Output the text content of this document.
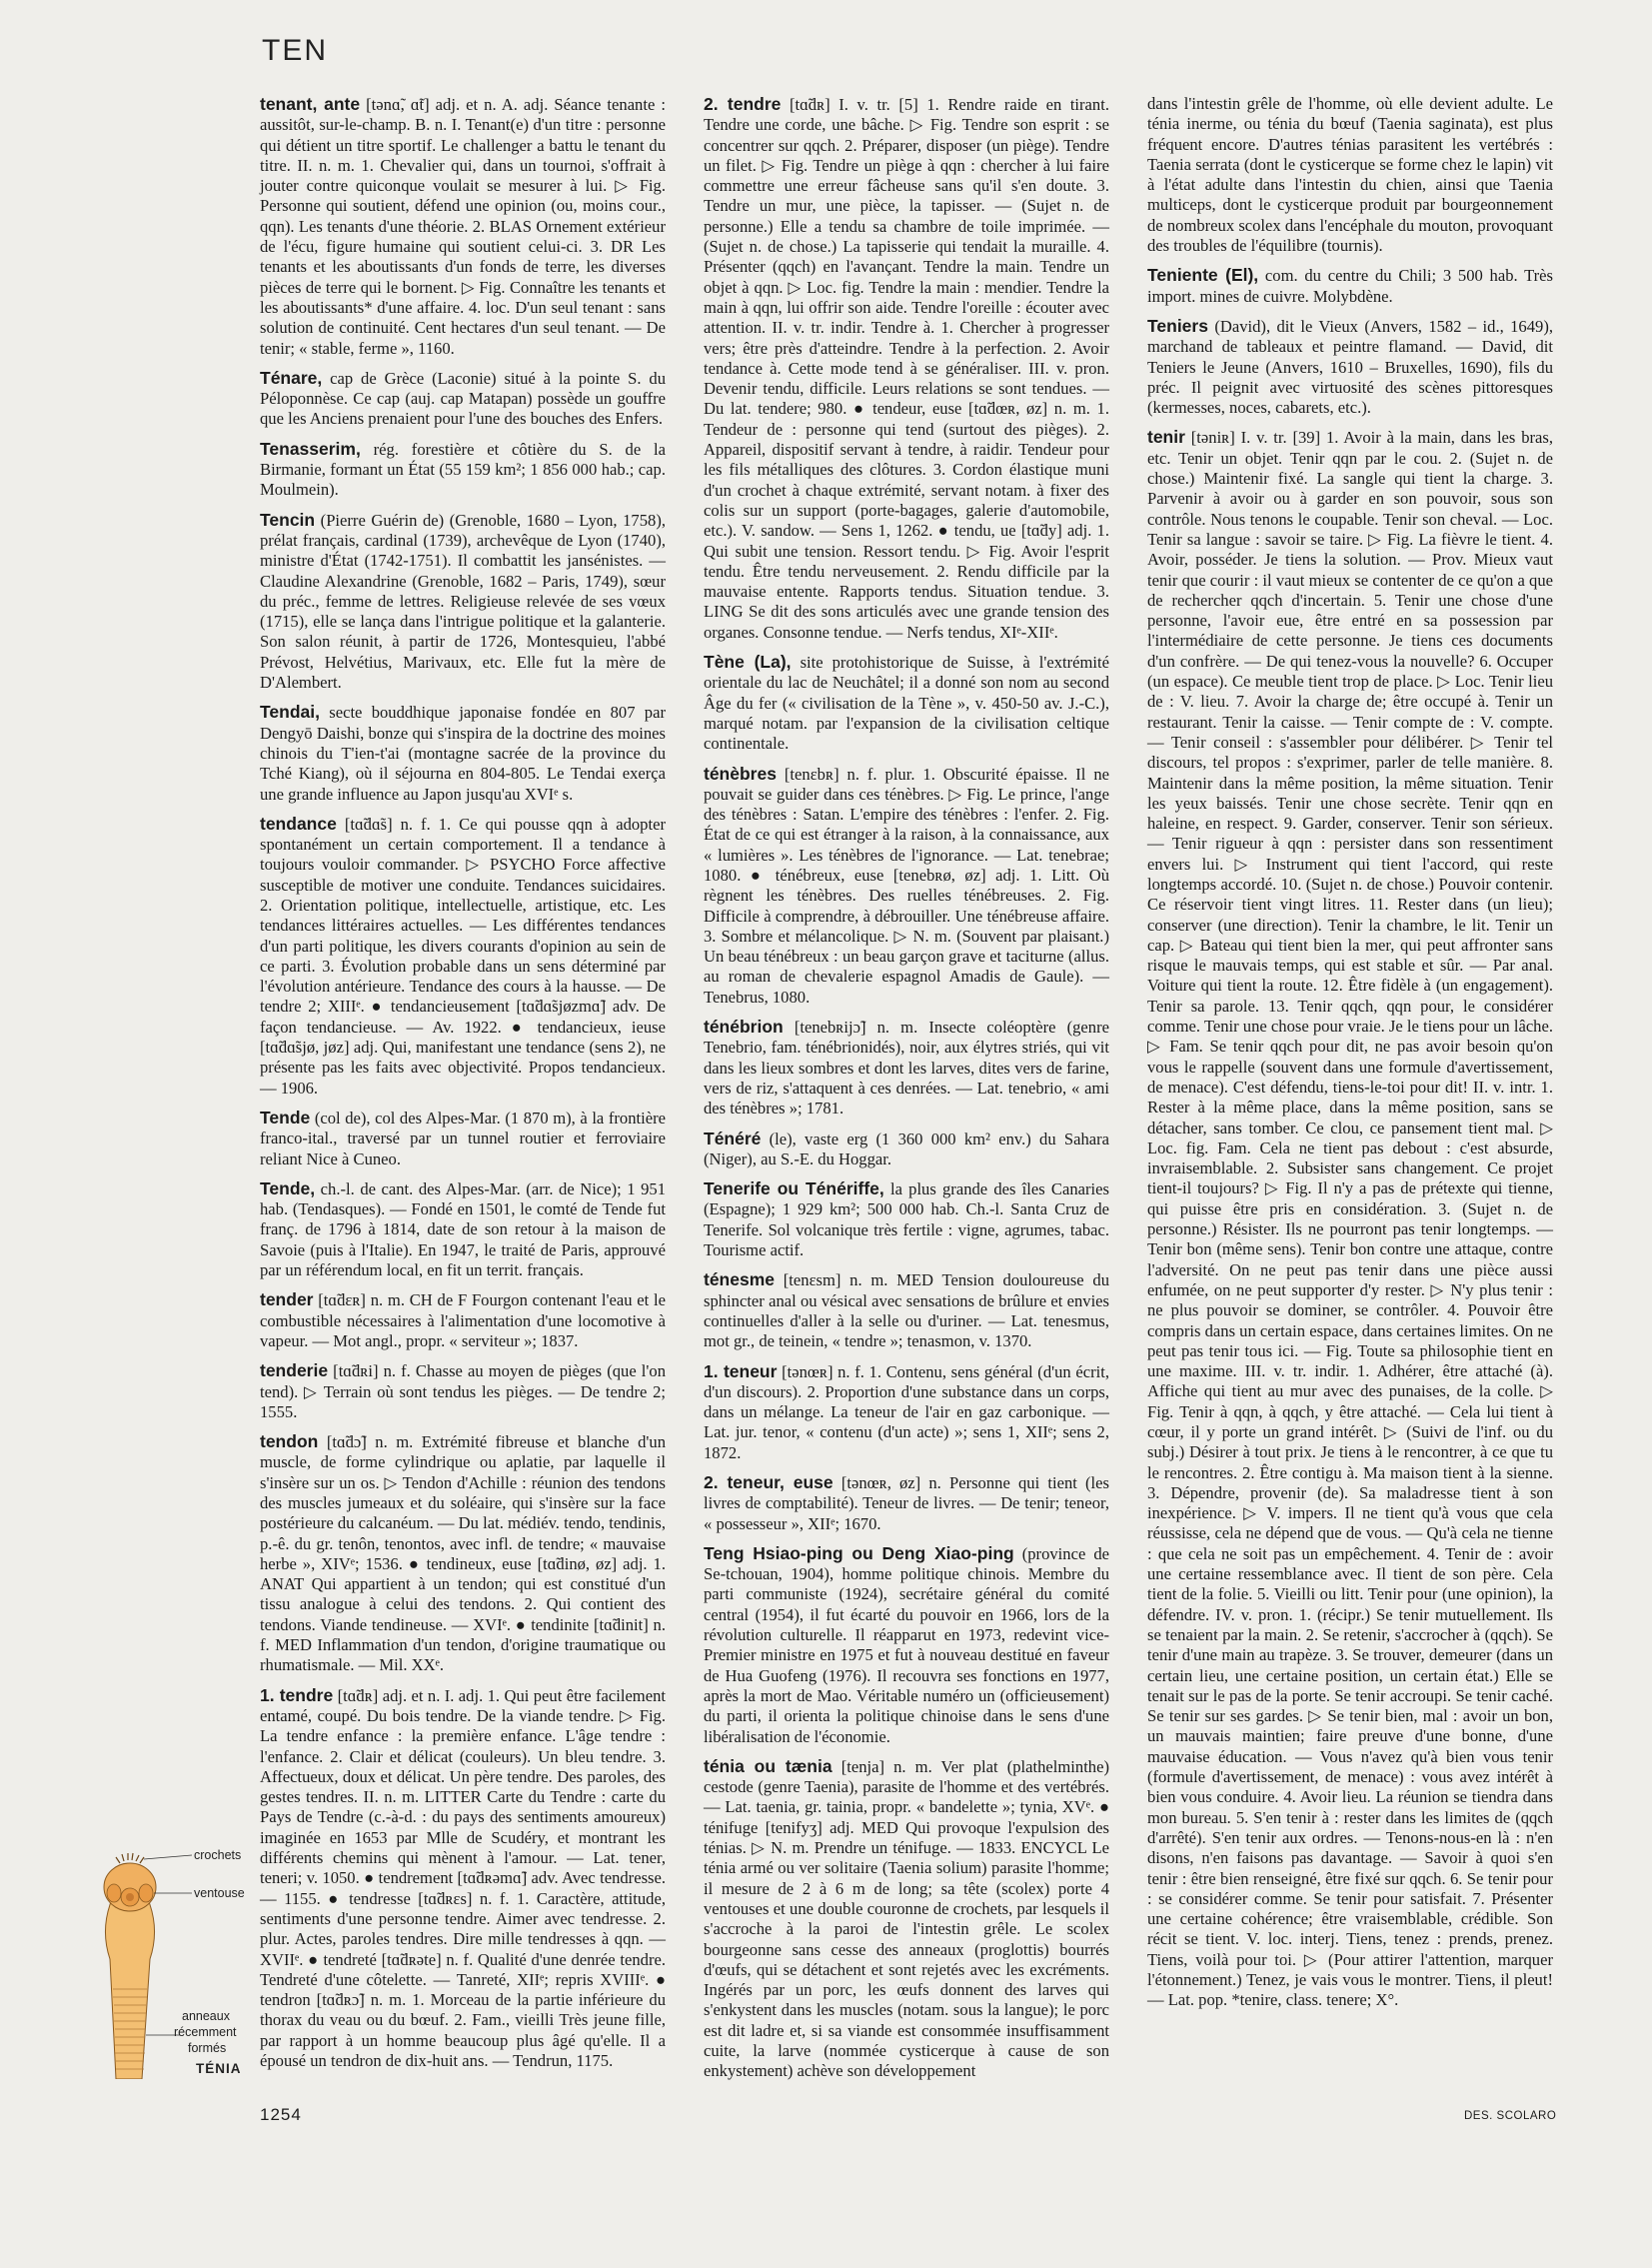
TEN

tenant, ante [tənɑ̃, ɑ̃t] adj. et n. A. adj. Séance tenante : aussitôt, sur-le-champ. B. n. I. Tenant(e) d'un titre : personne qui détient un titre sportif. Le challenger a battu le tenant du titre. II. n. m. 1. Chevalier qui, dans un tournoi, s'offrait à jouter contre quiconque voulait se mesurer à lui. ▷ Fig. Personne qui soutient, défend une opinion (ou, moins cour., qqn). Les tenants d'une théorie. 2. BLAS Ornement extérieur de l'écu, figure humaine qui soutient celui-ci. 3. DR Les tenants et les aboutissants d'un fonds de terre, les diverses pièces de terre qui le bornent. ▷ Fig. Connaître les tenants et les aboutissants* d'une affaire. 4. loc. D'un seul tenant : sans solution de continuité. Cent hectares d'un seul tenant. — De tenir; « stable, ferme », 1160.

Ténare, cap de Grèce (Laconie) situé à la pointe S. du Péloponnèse. Ce cap (auj. cap Matapan) possède un gouffre que les Anciens prenaient pour l'une des bouches des Enfers.

Tenasserim, rég. forestière et côtière du S. de la Birmanie, formant un État (55 159 km²; 1 856 000 hab.; cap. Moulmein).

Tencin (Pierre Guérin de) (Grenoble, 1680 – Lyon, 1758), prélat français, cardinal (1739), archevêque de Lyon (1740), ministre d'État (1742-1751). Il combattit les jansénistes. — Claudine Alexandrine (Grenoble, 1682 – Paris, 1749), sœur du préc., femme de lettres. Religieuse relevée de ses vœux (1715), elle se lança dans l'intrigue politique et la galanterie. Son salon réunit, à partir de 1726, Montesquieu, l'abbé Prévost, Helvétius, Marivaux, etc. Elle fut la mère de D'Alembert.

Tendai, secte bouddhique japonaise fondée en 807 par Dengyō Daishi, bonze qui s'inspira de la doctrine des moines chinois du T'ien-t'ai (montagne sacrée de la province du Tché Kiang), où il séjourna en 804-805. Le Tendai exerça une grande influence au Japon jusqu'au XVIᵉ s.

tendance [tɑ̃dɑ̃s] n. f. 1. Ce qui pousse qqn à adopter spontanément un certain comportement. Il a tendance à toujours vouloir commander. ▷ PSYCHO Force affective susceptible de motiver une conduite. Tendances suicidaires. 2. Orientation politique, intellectuelle, artistique, etc. Les tendances littéraires actuelles. — Les différentes tendances d'un parti politique, les divers courants d'opinion au sein de ce parti. 3. Évolution probable dans un sens déterminé par l'évolution antérieure. Tendance des cours à la hausse. — De tendre 2; XIIIᵉ. ● tendancieusement [tɑ̃dɑ̃sjøzmɑ̃] adv. De façon tendancieuse. — Av. 1922. ● tendancieux, ieuse [tɑ̃dɑ̃sjø, jøz] adj. Qui, manifestant une tendance (sens 2), ne présente pas les faits avec objectivité. Propos tendancieux. — 1906.

Tende (col de), col des Alpes-Mar. (1 870 m), à la frontière franco-ital., traversé par un tunnel routier et ferroviaire reliant Nice à Cuneo.

Tende, ch.-l. de cant. des Alpes-Mar. (arr. de Nice); 1 951 hab. (Tendasques). — Fondé en 1501, le comté de Tende fut franç. de 1796 à 1814, date de son retour à la maison de Savoie (puis à l'Italie). En 1947, le traité de Paris, approuvé par un référendum local, en fit un territ. français.

tender [tɑ̃dɛʀ] n. m. CH de F Fourgon contenant l'eau et le combustible nécessaires à l'alimentation d'une locomotive à vapeur. — Mot angl., propr. « serviteur »; 1837.

tenderie [tɑ̃dʀi] n. f. Chasse au moyen de pièges (que l'on tend). ▷ Terrain où sont tendus les pièges. — De tendre 2; 1555.

tendon [tɑ̃dɔ̃] n. m. Extrémité fibreuse et blanche d'un muscle, de forme cylindrique ou aplatie, par laquelle il s'insère sur un os. ▷ Tendon d'Achille : réunion des tendons des muscles jumeaux et du soléaire, qui s'insère sur la face postérieure du calcanéum. — Du lat. médiév. tendo, tendinis, p.-ê. du gr. tenôn, tenontos, avec infl. de tendre; « mauvaise herbe », XIVᵉ; 1536. ● tendineux, euse [tɑ̃dinø, øz] adj. 1. ANAT Qui appartient à un tendon; qui est constitué d'un tissu analogue à celui des tendons. 2. Qui contient des tendons. Viande tendineuse. — XVIᵉ. ● tendinite [tɑ̃dinit] n. f. MED Inflammation d'un tendon, d'origine traumatique ou rhumatismale. — Mil. XXᵉ.

1. tendre [tɑ̃dʀ] adj. et n. I. adj. 1. Qui peut être facilement entamé, coupé. Du bois tendre. De la viande tendre. ▷ Fig. La tendre enfance : la première enfance. L'âge tendre : l'enfance. 2. Clair et délicat (couleurs). Un bleu tendre. 3. Affectueux, doux et délicat. Un père tendre. Des paroles, des gestes tendres. II. n. m. LITTER Carte du Tendre : carte du Pays de Tendre (c.-à-d. : du pays des sentiments amoureux) imaginée en 1653 par Mlle de Scudéry, et montrant les différents chemins qui mènent à l'amour. — Lat. tener, teneri; v. 1050. ● tendrement [tɑ̃dʀəmɑ̃] adv. Avec tendresse. — 1155. ● tendresse [tɑ̃dʀɛs] n. f. 1. Caractère, attitude, sentiments d'une personne tendre. Aimer avec tendresse. 2. plur. Actes, paroles tendres. Dire mille tendresses à qqn. — XVIIᵉ. ● tendreté [tɑ̃dʀəte] n. f. Qualité d'une denrée tendre. Tendreté d'une côtelette. — Tanreté, XIIᵉ; repris XVIIIᵉ. ● tendron [tɑ̃dʀɔ̃] n. m. 1. Morceau de la partie inférieure du thorax du veau ou du bœuf. 2. Fam., vieilli Très jeune fille, par rapport à un homme beaucoup plus âgé qu'elle. Il a épousé un tendron de dix-huit ans. — Tendrun, 1175.

2. tendre [tɑ̃dʀ] I. v. tr. [5] 1. Rendre raide en tirant. Tendre une corde, une bâche. ▷ Fig. Tendre son esprit : se concentrer sur qqch. 2. Préparer, disposer (un piège). Tendre un filet. ▷ Fig. Tendre un piège à qqn : chercher à lui faire commettre une erreur fâcheuse sans qu'il s'en doute. 3. Tendre un mur, une pièce, la tapisser. — (Sujet n. de personne.) Elle a tendu sa chambre de toile imprimée. — (Sujet n. de chose.) La tapisserie qui tendait la muraille. 4. Présenter (qqch) en l'avançant. Tendre la main. Tendre un objet à qqn. ▷ Loc. fig. Tendre la main : mendier. Tendre la main à qqn, lui offrir son aide. Tendre l'oreille : écouter avec attention. II. v. tr. indir. Tendre à. 1. Chercher à progresser vers; être près d'atteindre. Tendre à la perfection. 2. Avoir tendance à. Cette mode tend à se généraliser. III. v. pron. Devenir tendu, difficile. Leurs relations se sont tendues. — Du lat. tendere; 980. ● tendeur, euse [tɑ̃dœʀ, øz] n. m. 1. Tendeur de : personne qui tend (surtout des pièges). 2. Appareil, dispositif servant à tendre, à raidir. Tendeur pour les fils métalliques des clôtures. 3. Cordon élastique muni d'un crochet à chaque extrémité, servant notam. à fixer des colis sur un support (porte-bagages, galerie d'automobile, etc.). V. sandow. — Sens 1, 1262. ● tendu, ue [tɑ̃dy] adj. 1. Qui subit une tension. Ressort tendu. ▷ Fig. Avoir l'esprit tendu. Être tendu nerveusement. 2. Rendu difficile par la mauvaise entente. Rapports tendus. Situation tendue. 3. LING Se dit des sons articulés avec une grande tension des organes. Consonne tendue. — Nerfs tendus, XIᵉ-XIIᵉ.

Tène (La), site protohistorique de Suisse, à l'extrémité orientale du lac de Neuchâtel; il a donné son nom au second Âge du fer (« civilisation de la Tène », v. 450-50 av. J.-C.), marqué notam. par l'expansion de la civilisation celtique continentale.

ténèbres [tenɛbʀ] n. f. plur. 1. Obscurité épaisse. Il ne pouvait se guider dans ces ténèbres. ▷ Fig. Le prince, l'ange des ténèbres : Satan. L'empire des ténèbres : l'enfer. 2. Fig. État de ce qui est étranger à la raison, à la connaissance, aux « lumières ». Les ténèbres de l'ignorance. — Lat. tenebrae; 1080. ● ténébreux, euse [tenebʀø, øz] adj. 1. Litt. Où règnent les ténèbres. Des ruelles ténébreuses. 2. Fig. Difficile à comprendre, à débrouiller. Une ténébreuse affaire. 3. Sombre et mélancolique. ▷ N. m. (Souvent par plaisant.) Un beau ténébreux : un beau garçon grave et taciturne (allus. au roman de chevalerie espagnol Amadis de Gaule). — Tenebrus, 1080.

ténébrion [tenebʀijɔ̃] n. m. Insecte coléoptère (genre Tenebrio, fam. ténébrionidés), noir, aux élytres striés, qui vit dans les lieux sombres et dont les larves, dites vers de farine, vers de riz, s'attaquent à ces denrées. — Lat. tenebrio, « ami des ténèbres »; 1781.

Ténéré (le), vaste erg (1 360 000 km² env.) du Sahara (Niger), au S.-E. du Hoggar.

Tenerife ou Ténériffe, la plus grande des îles Canaries (Espagne); 1 929 km²; 500 000 hab. Ch.-l. Santa Cruz de Tenerife. Sol volcanique très fertile : vigne, agrumes, tabac. Tourisme actif.

ténesme [tenɛsm] n. m. MED Tension douloureuse du sphincter anal ou vésical avec sensations de brûlure et envies continuelles d'aller à la selle ou d'uriner. — Lat. tenesmus, mot gr., de teinein, « tendre »; tenasmon, v. 1370.

1. teneur [tənœʀ] n. f. 1. Contenu, sens général (d'un écrit, d'un discours). 2. Proportion d'une substance dans un corps, dans un mélange. La teneur de l'air en gaz carbonique. — Lat. jur. tenor, « contenu (d'un acte) »; sens 1, XIIᵉ; sens 2, 1872.

2. teneur, euse [tənœʀ, øz] n. Personne qui tient (les livres de comptabilité). Teneur de livres. — De tenir; teneor, « possesseur », XIIᵉ; 1670.

Teng Hsiao-ping ou Deng Xiao-ping (province de Se-tchouan, 1904), homme politique chinois. Membre du parti communiste (1924), secrétaire général du comité central (1954), il fut écarté du pouvoir en 1966, lors de la révolution culturelle. Il réapparut en 1973, redevint vice-Premier ministre en 1975 et fut à nouveau destitué en faveur de Hua Guofeng (1976). Il recouvra ses fonctions en 1977, après la mort de Mao. Véritable numéro un (officieusement) du parti, il orienta la politique chinoise dans le sens d'une libéralisation de l'économie.

ténia ou tænia [tenja] n. m. Ver plat (plathelminthe) cestode (genre Taenia), parasite de l'homme et des vertébrés. — Lat. taenia, gr. tainia, propr. « bandelette »; tynia, XVᵉ. ● ténifuge [tenifyʒ] adj. MED Qui provoque l'expulsion des ténias. ▷ N. m. Prendre un ténifuge. — 1833. ENCYCL Le ténia armé ou ver solitaire (Taenia solium) parasite l'homme; il mesure de 2 à 6 m de long; sa tête (scolex) porte 4 ventouses et une double couronne de crochets, par lesquels il s'accroche à la paroi de l'intestin grêle. Le scolex bourgeonne sans cesse des anneaux (proglottis) bourrés d'œufs, qui se détachent et sont rejetés avec les excréments. Ingérés par un porc, les œufs donnent des larves qui s'enkystent dans les muscles (notam. sous la langue); le porc est dit ladre et, si sa viande est consommée insuffisamment cuite, la larve (nommée cysticerque à cause de son enkystement) achève son développement

dans l'intestin grêle de l'homme, où elle devient adulte. Le ténia inerme, ou ténia du bœuf (Taenia saginata), est plus fréquent encore. D'autres ténias parasitent les vertébrés : Taenia serrata (dont le cysticerque se forme chez le lapin) vit à l'état adulte dans l'intestin du chien, ainsi que Taenia multiceps, dont le cysticerque produit par bourgeonnement de nombreux scolex dans l'encéphale du mouton, provoquant des troubles de l'équilibre (tournis).

Teniente (El), com. du centre du Chili; 3 500 hab. Très import. mines de cuivre. Molybdène.

Teniers (David), dit le Vieux (Anvers, 1582 – id., 1649), marchand de tableaux et peintre flamand. — David, dit Teniers le Jeune (Anvers, 1610 – Bruxelles, 1690), fils du préc. Il peignit avec virtuosité des scènes pittoresques (kermesses, noces, cabarets, etc.).

tenir [təniʀ] I. v. tr. [39] 1. Avoir à la main, dans les bras, etc. Tenir un objet. Tenir qqn par le cou. 2. (Sujet n. de chose.) Maintenir fixé. La sangle qui tient la charge. 3. Parvenir à avoir ou à garder en son pouvoir, sous son contrôle. Nous tenons le coupable. Tenir son cheval. — Loc. Tenir sa langue : savoir se taire. ▷ Fig. La fièvre le tient. 4. Avoir, posséder. Je tiens la solution. — Prov. Mieux vaut tenir que courir : il vaut mieux se contenter de ce qu'on a que de rechercher qqch d'incertain. 5. Tenir une chose d'une personne, l'avoir eue, être entré en sa possession par l'intermédiaire de cette personne. Je tiens ces documents d'un confrère. — De qui tenez-vous la nouvelle? 6. Occuper (un espace). Ce meuble tient trop de place. ▷ Loc. Tenir lieu de : V. lieu. 7. Avoir la charge de; être occupé à. Tenir un restaurant. Tenir la caisse. — Tenir compte de : V. compte. — Tenir conseil : s'assembler pour délibérer. ▷ Tenir tel discours, tel propos : s'exprimer, parler de telle manière. 8. Maintenir dans la même position, la même situation. Tenir les yeux baissés. Tenir une chose secrète. Tenir qqn en haleine, en respect. 9. Garder, conserver. Tenir son sérieux. — Tenir rigueur à qqn : persister dans son ressentiment envers lui. ▷ Instrument qui tient l'accord, qui reste longtemps accordé. 10. (Sujet n. de chose.) Pouvoir contenir. Ce réservoir tient vingt litres. 11. Rester dans (un lieu); conserver (une direction). Tenir la chambre, le lit. Tenir un cap. ▷ Bateau qui tient bien la mer, qui peut affronter sans risque le mauvais temps, qui est stable et sûr. — Par anal. Voiture qui tient la route. 12. Être fidèle à (un engagement). Tenir sa parole. 13. Tenir qqch, qqn pour, le considérer comme. Tenir une chose pour vraie. Je le tiens pour un lâche. ▷ Fam. Se tenir qqch pour dit, ne pas avoir besoin qu'on vous le rappelle (souvent dans une formule d'avertissement, de menace). C'est défendu, tiens-le-toi pour dit! II. v. intr. 1. Rester à la même place, dans la même position, sans se détacher, sans tomber. Ce clou, ce pansement tient mal. ▷ Loc. fig. Fam. Cela ne tient pas debout : c'est absurde, invraisemblable. 2. Subsister sans changement. Ce projet tient-il toujours? ▷ Fig. Il n'y a pas de prétexte qui tienne, qui puisse être pris en considération. 3. (Sujet n. de personne.) Résister. Ils ne pourront pas tenir longtemps. — Tenir bon (même sens). Tenir bon contre une attaque, contre l'adversité. On ne peut pas tenir dans une pièce aussi enfumée, on ne peut supporter d'y rester. ▷ N'y plus tenir : ne plus pouvoir se dominer, se contrôler. 4. Pouvoir être compris dans un certain espace, dans certaines limites. On ne peut pas tenir tous ici. — Fig. Toute sa philosophie tient en une maxime. III. v. tr. indir. 1. Adhérer, être attaché (à). Affiche qui tient au mur avec des punaises, de la colle. ▷ Fig. Tenir à qqn, à qqch, y être attaché. — Cela lui tient à cœur, il y porte un grand intérêt. ▷ (Suivi de l'inf. ou du subj.) Désirer à tout prix. Je tiens à le rencontrer, à ce que tu le rencontres. 2. Être contigu à. Ma maison tient à la sienne. 3. Dépendre, provenir (de). Sa maladresse tient à son inexpérience. ▷ V. impers. Il ne tient qu'à vous que cela réussisse, cela ne dépend que de vous. — Qu'à cela ne tienne : que cela ne soit pas un empêchement. 4. Tenir de : avoir une certaine ressemblance avec. Il tient de son père. Cela tient de la folie. 5. Vieilli ou litt. Tenir pour (une opinion), la défendre. IV. v. pron. 1. (récipr.) Se tenir mutuellement. Ils se tenaient par la main. 2. Se retenir, s'accrocher à (qqch). Se tenir d'une main au trapèze. 3. Se trouver, demeurer (dans un certain lieu, une certaine position, un certain état.) Elle se tenait sur le pas de la porte. Se tenir accroupi. Se tenir caché. Se tenir sur ses gardes. ▷ Se tenir bien, mal : avoir un bon, un mauvais maintien; faire preuve d'une bonne, d'une mauvaise éducation. — Vous n'avez qu'à bien vous tenir (formule d'avertissement, de menace) : vous avez intérêt à bien vous conduire. 4. Avoir lieu. La réunion se tiendra dans mon bureau. 5. S'en tenir à : rester dans les limites de (qqch d'arrêté). S'en tenir aux ordres. — Tenons-nous-en là : n'en disons, n'en faisons pas davantage. — Savoir à quoi s'en tenir : être bien renseigné, être fixé sur qqch. 6. Se tenir pour : se considérer comme. Se tenir pour satisfait. 7. Présenter une certaine cohérence; être vraisemblable, crédible. Son récit se tient. V. loc. interj. Tiens, tenez : prends, prenez. Tiens, voilà pour toi. ▷ (Pour attirer l'attention, marquer l'étonnement.) Tenez, je vais vous le montrer. Tiens, il pleut! — Lat. pop. *tenire, class. tenere; X°.

crochets
ventouse
anneaux
récemment
formés
TÉNIA
1254	DES. SCOLARO
